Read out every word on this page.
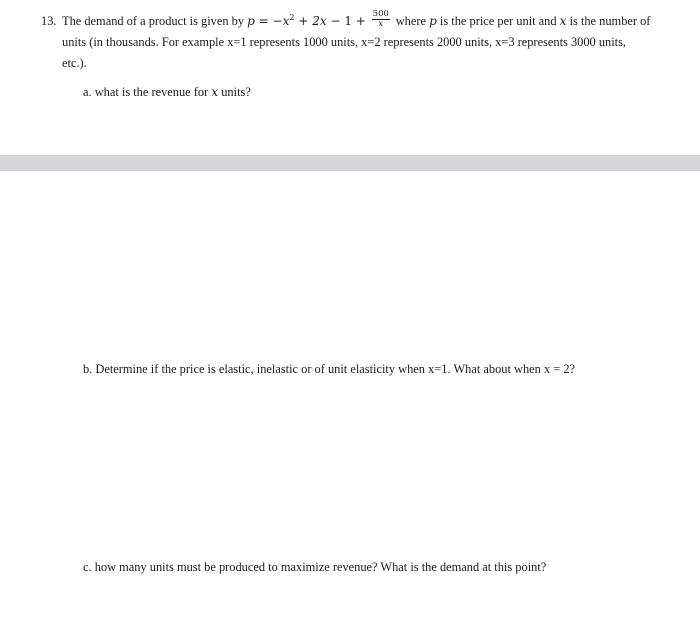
13. The demand of a product is given by $p = -x^2 + 2x - 1 + \frac{500}{x}$ where p is the price per unit and x is the number of units (in thousands. For example x=1 represents 1000 units, x=2 represents 2000 units, x=3 represents 3000 units, etc.).
a. what is the revenue for x units?
b. Determine if the price is elastic, inelastic or of unit elasticity when x=1. What about when x = 2?
c. how many units must be produced to maximize revenue? What is the demand at this point?
